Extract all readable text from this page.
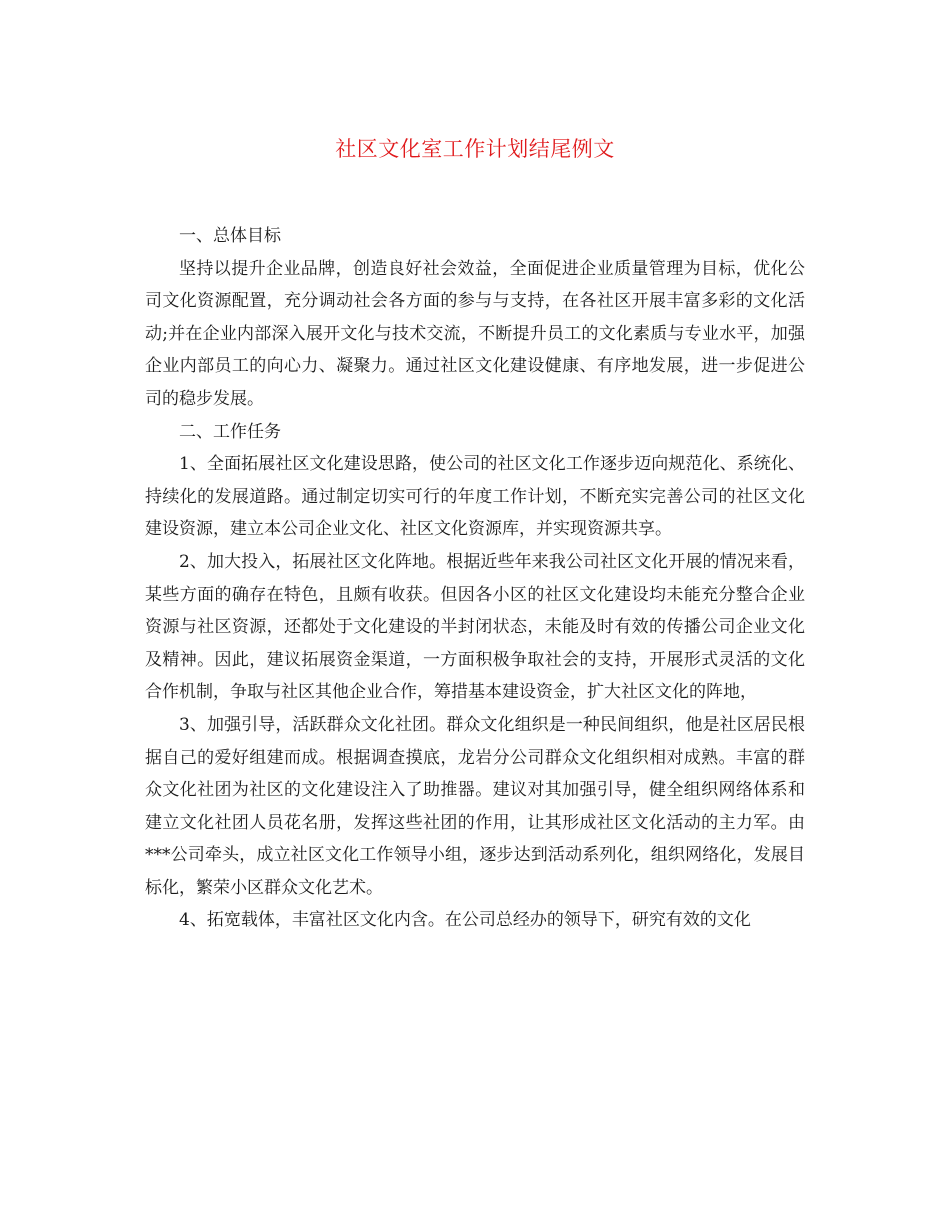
社区文化室工作计划结尾例文

一、总体目标

坚持以提升企业品牌，创造良好社会效益，全面促进企业质量管理为目标，优化公司文化资源配置，充分调动社会各方面的参与与支持，在各社区开展丰富多彩的文化活动;并在企业内部深入展开文化与技术交流，不断提升员工的文化素质与专业水平，加强企业内部员工的向心力、凝聚力。通过社区文化建设健康、有序地发展，进一步促进公司的稳步发展。

二、工作任务

1、全面拓展社区文化建设思路，使公司的社区文化工作逐步迈向规范化、系统化、持续化的发展道路。通过制定切实可行的年度工作计划，不断充实完善公司的社区文化建设资源，建立本公司企业文化、社区文化资源库，并实现资源共享。

2、加大投入，拓展社区文化阵地。根据近些年来我公司社区文化开展的情况来看，某些方面的确存在特色，且颇有收获。但因各小区的社区文化建设均未能充分整合企业资源与社区资源，还都处于文化建设的半封闭状态，未能及时有效的传播公司企业文化及精神。因此，建议拓展资金渠道，一方面积极争取社会的支持，开展形式灵活的文化合作机制，争取与社区其他企业合作，筹措基本建设资金，扩大社区文化的阵地，

3、加强引导，活跃群众文化社团。群众文化组织是一种民间组织，他是社区居民根据自己的爱好组建而成。根据调查摸底，龙岩分公司群众文化组织相对成熟。丰富的群众文化社团为社区的文化建设注入了助推器。建议对其加强引导，健全组织网络体系和建立文化社团人员花名册，发挥这些社团的作用，让其形成社区文化活动的主力军。由***公司牵头，成立社区文化工作领导小组，逐步达到活动系列化，组织网络化，发展目标化，繁荣小区群众文化艺术。

4、拓宽载体，丰富社区文化内含。在公司总经办的领导下，研究有效的文化
